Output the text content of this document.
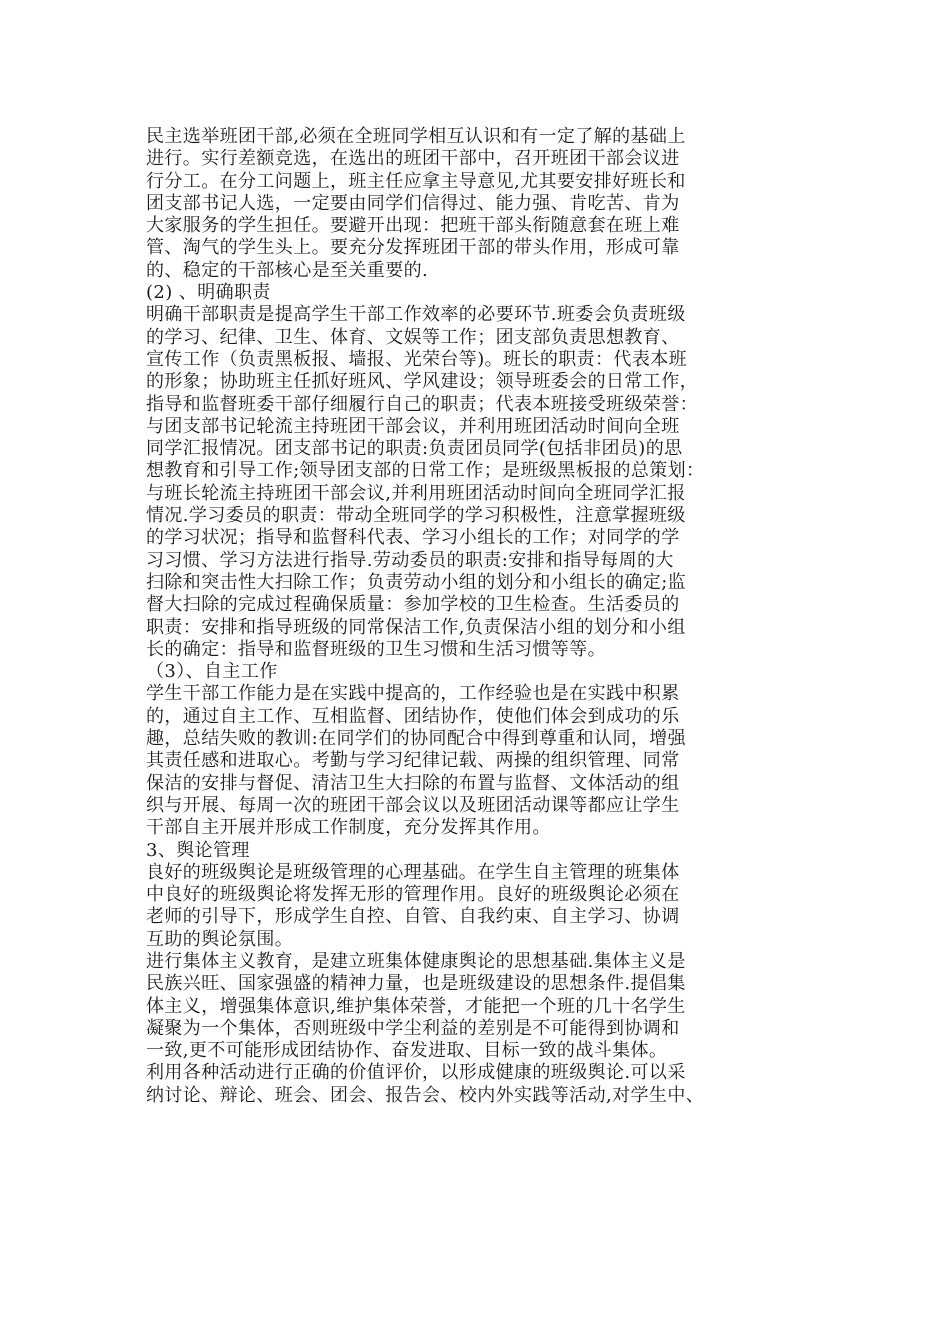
民主选举班团干部,必须在全班同学相互认识和有一定了解的基础上
进行。实行差额竞选，在选出的班团干部中，召开班团干部会议进
行分工。在分工问题上，班主任应拿主导意见,尤其要安排好班长和
团支部书记人选，一定要由同学们信得过、能力强、肯吃苦、肯为
大家服务的学生担任。要避开出现：把班干部头衔随意套在班上难
管、淘气的学生头上。要充分发挥班团干部的带头作用，形成可靠
的、稳定的干部核心是至关重要的.
(2) 、明确职责
明确干部职责是提高学生干部工作效率的必要环节.班委会负责班级
的学习、纪律、卫生、体育、文娱等工作；团支部负责思想教育、
宣传工作（负责黑板报、墙报、光荣台等)。班长的职责：代表本班
的形象；协助班主任抓好班风、学风建设；领导班委会的日常工作，
指导和监督班委干部仔细履行自己的职责；代表本班接受班级荣誉：
与团支部书记轮流主持班团干部会议，并利用班团活动时间向全班
同学汇报情况。团支部书记的职责:负责团员同学(包括非团员)的思
想教育和引导工作;领导团支部的日常工作；是班级黑板报的总策划：
与班长轮流主持班团干部会议,并利用班团活动时间向全班同学汇报
情况.学习委员的职责：带动全班同学的学习积极性，注意掌握班级
的学习状况；指导和监督科代表、学习小组长的工作；对同学的学
习习惯、学习方法进行指导.劳动委员的职责:安排和指导每周的大
扫除和突击性大扫除工作；负责劳动小组的划分和小组长的确定;监
督大扫除的完成过程确保质量：参加学校的卫生检查。生活委员的
职责：安排和指导班级的同常保洁工作,负责保洁小组的划分和小组
长的确定：指导和监督班级的卫生习惯和生活习惯等等。
（3）、自主工作
学生干部工作能力是在实践中提高的，工作经验也是在实践中积累
的，通过自主工作、互相监督、团结协作，使他们体会到成功的乐
趣，总结失败的教训:在同学们的协同配合中得到尊重和认同，增强
其责任感和进取心。考勤与学习纪律记载、两操的组织管理、同常
保洁的安排与督促、清洁卫生大扫除的布置与监督、文体活动的组
织与开展、每周一次的班团干部会议以及班团活动课等都应让学生
干部自主开展并形成工作制度，充分发挥其作用。
3、舆论管理
良好的班级舆论是班级管理的心理基础。在学生自主管理的班集体
中良好的班级舆论将发挥无形的管理作用。良好的班级舆论必须在
老师的引导下，形成学生自控、自管、自我约束、自主学习、协调
互助的舆论氛围。
进行集体主义教育，是建立班集体健康舆论的思想基础.集体主义是
民族兴旺、国家强盛的精神力量，也是班级建设的思想条件.提倡集
体主义，增强集体意识,维护集体荣誉，才能把一个班的几十名学生
凝聚为一个集体，否则班级中学尘利益的差别是不可能得到协调和
一致,更不可能形成团结协作、奋发进取、目标一致的战斗集体。
利用各种活动进行正确的价值评价，以形成健康的班级舆论.可以采
纳讨论、辩论、班会、团会、报告会、校内外实践等活动,对学生中、
